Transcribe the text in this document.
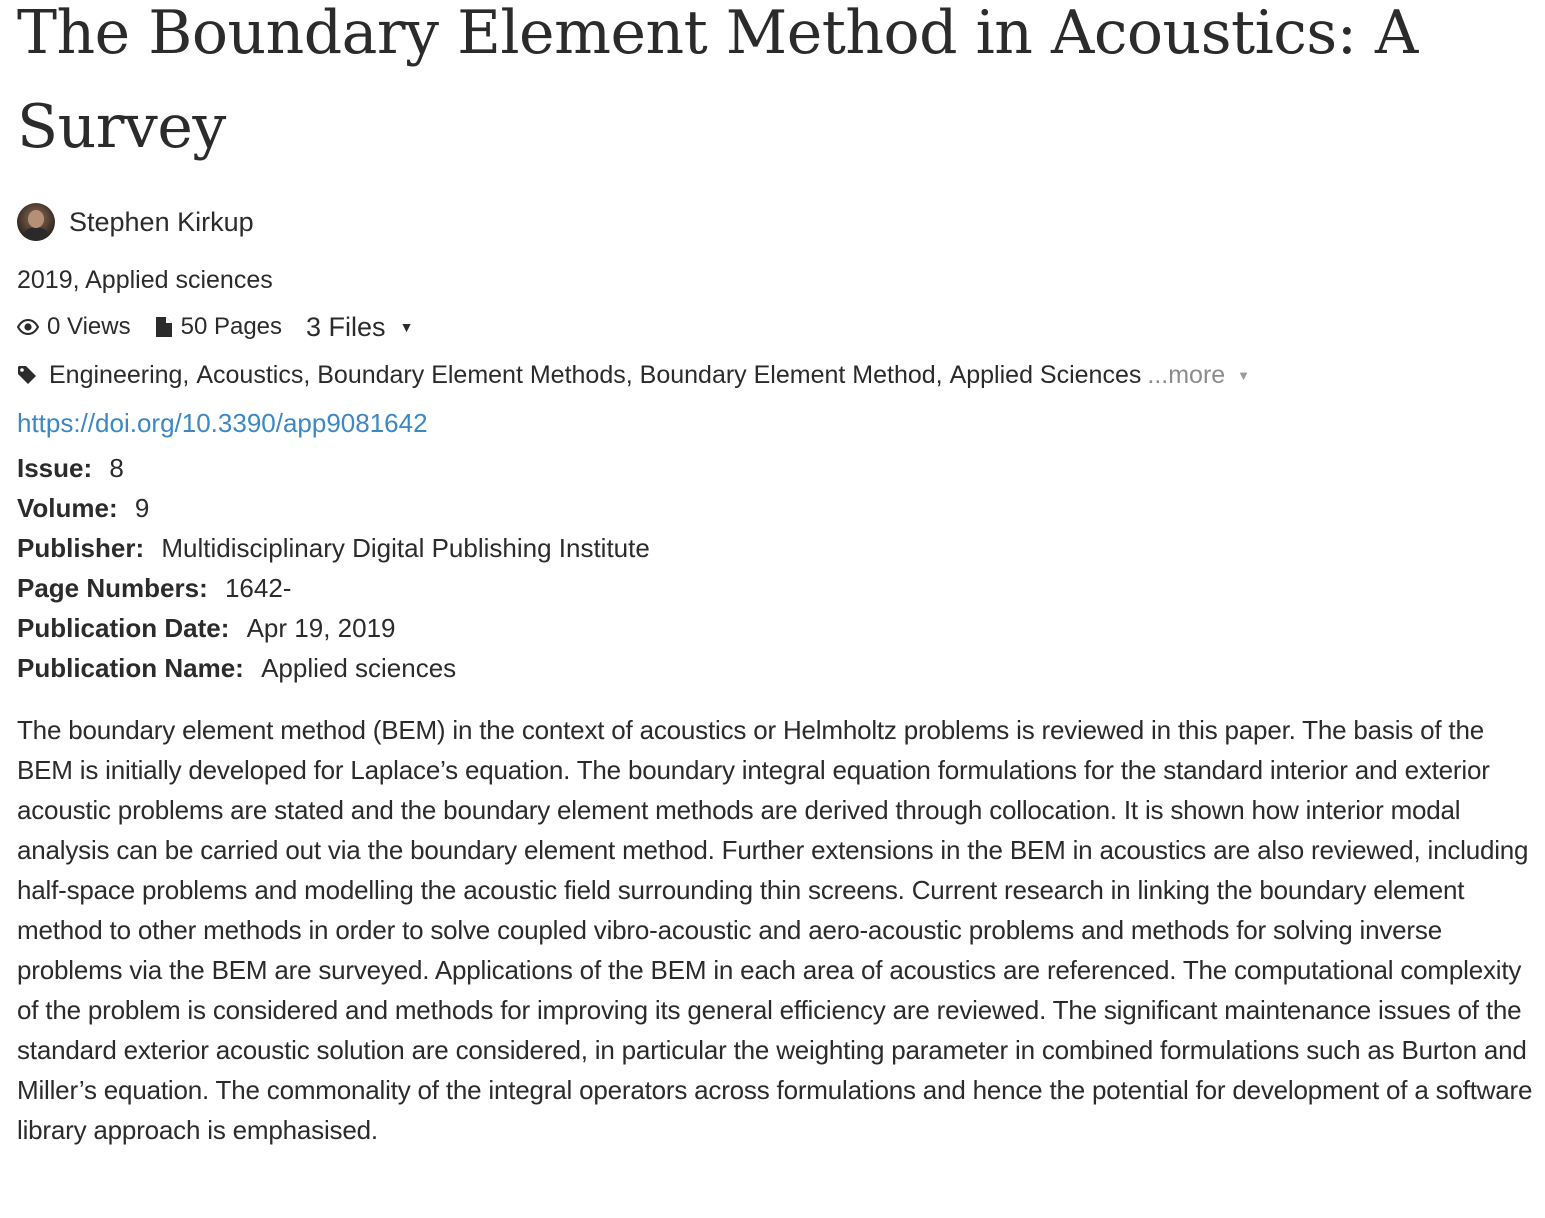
The Boundary Element Method in Acoustics: A Survey
Stephen Kirkup
2019, Applied sciences
0 Views 50 Pages 3 Files ▼
Engineering,
Acoustics,
Boundary Element Methods,
Boundary Element Method,
Applied Sciences ...more ▼
https://doi.org/10.3390/app9081642
Issue: 8
Volume: 9
Publisher: Multidisciplinary Digital Publishing Institute
Page Numbers: 1642-
Publication Date: Apr 19, 2019
Publication Name: Applied sciences

The boundary element method (BEM) in the context of acoustics or Helmholtz problems is reviewed in this paper. The basis of the BEM is initially developed for Laplace’s equation. The boundary integral equation formulations for the standard interior and exterior acoustic problems are stated and the boundary element methods are derived through collocation. It is shown how interior modal analysis can be carried out via the boundary element method. Further extensions in the BEM in acoustics are also reviewed, including half-space problems and modelling the acoustic field surrounding thin screens. Current research in linking the boundary element method to other methods in order to solve coupled vibro-acoustic and aero-acoustic problems and methods for solving inverse problems via the BEM are surveyed. Applications of the BEM in each area of acoustics are referenced. The computational complexity of the problem is considered and methods for improving its general efficiency are reviewed. The significant maintenance issues of the standard exterior acoustic solution are considered, in particular the weighting parameter in combined formulations such as Burton and Miller’s equation. The commonality of the integral operators across formulations and hence the potential for development of a software library approach is emphasised.
